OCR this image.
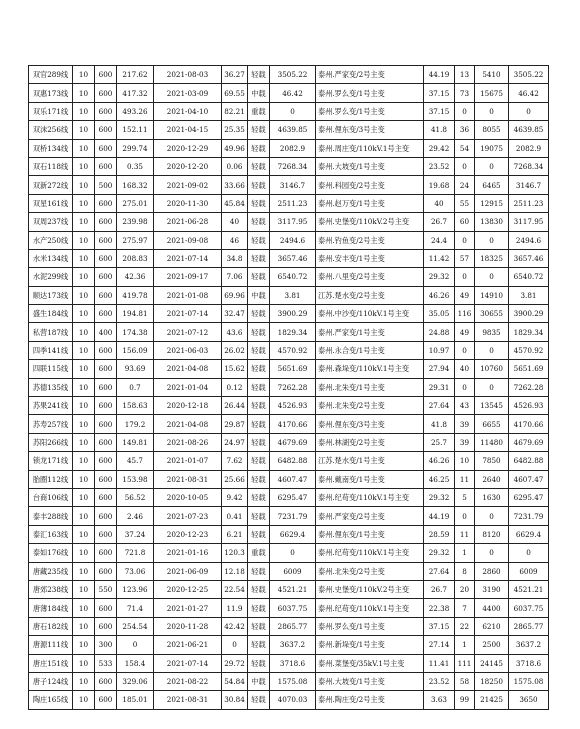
双官289线	10	600	217.62	2021-08-03	36.27	轻载	3505.22	泰州.严家变/2号主变	44.19	13	5410	3505.22
双惠173线	10	600	417.32	2021-03-09	69.55	中载	46.42	泰州.罗么变/1号主变	37.15	73	15675	46.42
双乐171线	10	600	493.26	2021-04-10	82.21	重载	0	泰州.罗么变/1号主变	37.15	0	0	0
双沫256线	10	600	152.11	2021-04-15	25.35	轻载	4639.85	泰州.俚东变/3号主变	41.8	36	8055	4639.85
双桥134线	10	600	299.74	2020-12-29	49.96	轻载	2082.9	泰州.周庄变/110kV.1号主变	29.42	54	19075	2082.9
双石118线	10	600	0.35	2020-12-20	0.06	轻载	7268.34	泰州.大坡变/1号主变	23.52	0	0	7268.34
双新272线	10	500	168.32	2021-09-02	33.66	轻载	3146.7	泰州.科园变/2号主变	19.68	24	6465	3146.7
双星161线	10	600	275.01	2020-11-30	45.84	轻载	2511.23	泰州.赵万变/1号主变	40	55	12915	2511.23
双周237线	10	600	239.98	2021-06-28	40	轻载	3117.95	泰州.史堡变/110kV.2号主变	26.7	60	13830	3117.95
水产250线	10	600	275.97	2021-09-08	46	轻载	2494.6	泰州.钓鱼变/2号主变	24.4	0	0	2494.6
水米134线	10	600	208.83	2021-07-14	34.8	轻载	3657.46	泰州.安丰变/1号主变	11.42	57	18325	3657.46
水泥299线	10	600	42.36	2021-09-17	7.06	轻载	6540.72	泰州.八里变/2号主变	29.32	0	0	6540.72
顺达173线	10	600	419.78	2021-01-08	69.96	中载	3.81	江苏.楚水变/2号主变	46.26	49	14910	3.81
盛生184线	10	600	194.81	2021-07-14	32.47	轻载	3900.29	泰州.中沙变/110kV.1号主变	35.05	116	30655	3900.29
私营187线	10	400	174.38	2021-07-12	43.6	轻载	1829.34	泰州.严家变/1号主变	24.88	49	9835	1829.34
四季141线	10	600	156.09	2021-06-03	26.02	轻载	4570.92	泰州.永合变/1号主变	10.97	0	0	4570.92
四联115线	10	600	93.69	2021-04-08	15.62	轻载	5651.69	泰州.森垛变/110kV.1号主变	27.94	40	10760	5651.69
苏德135线	10	600	0.7	2021-01-04	0.12	轻载	7262.28	泰州.北朱变/1号主变	29.31	0	0	7262.28
苏果241线	10	600	158.63	2020-12-18	26.44	轻载	4526.93	泰州.北朱变/2号主变	27.64	43	13545	4526.93
苏寿257线	10	600	179.2	2021-04-08	29.87	轻载	4170.66	泰州.俚东变/3号主变	41.8	39	6655	4170.66
苏阳266线	10	600	149.81	2021-08-26	24.97	轻载	4679.69	泰州.林湖变/2号主变	25.7	39	11480	4679.69
锁龙171线	10	600	45.7	2021-01-07	7.62	轻载	6482.88	江苏.楚水变/1号主变	46.26	10	7850	6482.88
胎圈112线	10	600	153.98	2021-08-31	25.66	轻载	4607.47	泰州.戴南变/1号主变	46.25	11	2640	4607.47
台商106线	10	600	56.52	2020-10-05	9.42	轻载	6295.47	泰州.纪苟变/110kV.1号主变	29.32	5	1630	6295.47
泰丰288线	10	600	2.46	2021-07-23	0.41	轻载	7231.79	泰州.严家变/2号主变	44.19	0	0	7231.79
泰汇163线	10	600	37.24	2020-12-23	6.21	轻载	6629.4	泰州.俚东变/1号主变	28.59	11	8120	6629.4
泰如176线	10	600	721.8	2021-01-16	120.3	重载	0	泰州.纪苟变/110kV.1号主变	29.32	1	0	0
唐藏235线	10	600	73.06	2021-06-09	12.18	轻载	6009	泰州.北朱变/2号主变	27.64	8	2860	6009
唐郊238线	10	550	123.96	2020-12-25	22.54	轻载	4521.21	泰州.史堡变/110kV.2号主变	26.7	20	3190	4521.21
唐薄184线	10	600	71.4	2021-01-27	11.9	轻载	6037.75	泰州.纪苟变/110kV.1号主变	22.38	7	4400	6037.75
唐石182线	10	600	254.54	2020-11-28	42.42	轻载	2865.77	泰州.罗么变/1号主变	37.15	22	6210	2865.77
唐源111线	10	300	0	2021-06-21	0	轻载	3637.2	泰州.新垛变/1号主变	27.14	1	2500	3637.2
唐庄151线	10	533	158.4	2021-07-14	29.72	轻载	3718.6	泰州.菜堡变/35kV.1号主变	11.41	111	24145	3718.6
唐子124线	10	600	329.06	2021-08-22	54.84	中载	1575.08	泰州.大坡变/1号主变	23.52	58	18250	1575.08
陶庄165线	10	600	185.01	2021-08-31	30.84	轻载	4070.03	泰州.陶庄变/2号主变	3.63	99	21425	3650
